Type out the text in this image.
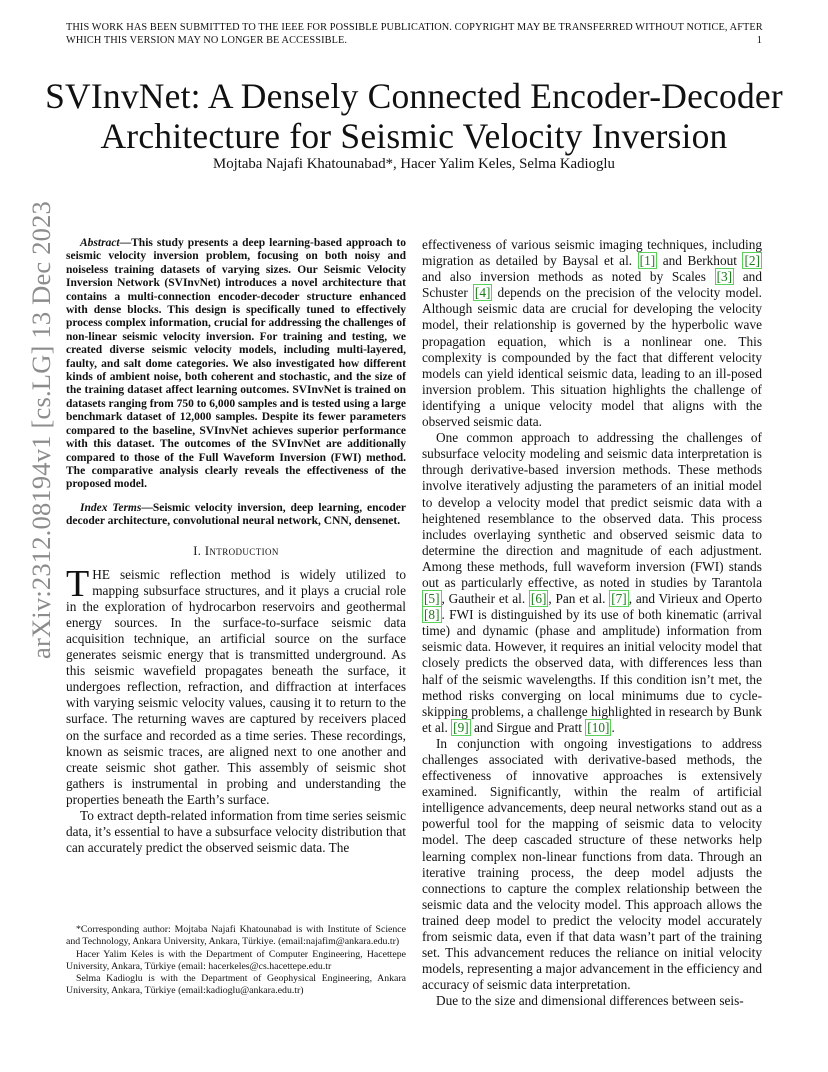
THIS WORK HAS BEEN SUBMITTED TO THE IEEE FOR POSSIBLE PUBLICATION. COPYRIGHT MAY BE TRANSFERRED WITHOUT NOTICE, AFTER WHICH THIS VERSION MAY NO LONGER BE ACCESSIBLE.	1
arXiv:2312.08194v1 [cs.LG] 13 Dec 2023
SVInvNet: A Densely Connected Encoder-Decoder Architecture for Seismic Velocity Inversion
Mojtaba Najafi Khatounabad*, Hacer Yalim Keles, Selma Kadioglu

Abstract—This study presents a deep learning-based approach to seismic velocity inversion problem, focusing on both noisy and noiseless training datasets of varying sizes. Our Seismic Velocity Inversion Network (SVInvNet) introduces a novel architecture that contains a multi-connection encoder-decoder structure enhanced with dense blocks. This design is specifically tuned to effectively process complex information, crucial for addressing the challenges of non-linear seismic velocity inversion. For training and testing, we created diverse seismic velocity models, including multi-layered, faulty, and salt dome categories. We also investigated how different kinds of ambient noise, both coherent and stochastic, and the size of the training dataset affect learning outcomes. SVInvNet is trained on datasets ranging from 750 to 6,000 samples and is tested using a large benchmark dataset of 12,000 samples. Despite its fewer parameters compared to the baseline, SVInvNet achieves superior performance with this dataset. The outcomes of the SVInvNet are additionally compared to those of the Full Waveform Inversion (FWI) method. The comparative analysis clearly reveals the effectiveness of the proposed model.

Index Terms—Seismic velocity inversion, deep learning, encoder decoder architecture, convolutional neural network, CNN, densenet.

I. Introduction

THE seismic reflection method is widely utilized to mapping subsurface structures, and it plays a crucial role in the exploration of hydrocarbon reservoirs and geothermal energy sources. In the surface-to-surface seismic data acquisition technique, an artificial source on the surface generates seismic energy that is transmitted underground. As this seismic wavefield propagates beneath the surface, it undergoes reflection, refraction, and diffraction at interfaces with varying seismic velocity values, causing it to return to the surface. The returning waves are captured by receivers placed on the surface and recorded as a time series. These recordings, known as seismic traces, are aligned next to one another and create seismic shot gather. This assembly of seismic shot gathers is instrumental in probing and understanding the properties beneath the Earth’s surface.

To extract depth-related information from time series seismic data, it’s essential to have a subsurface velocity distribution that can accurately predict the observed seismic data. The

*Corresponding author: Mojtaba Najafi Khatounabad is with Institute of Science and Technology, Ankara University, Ankara, Türkiye. (email:najafim@ankara.edu.tr)

Hacer Yalim Keles is with the Department of Computer Engineering, Hacettepe University, Ankara, Türkiye (email: hacerkeles@cs.hacettepe.edu.tr

Selma Kadioglu is with the Department of Geophysical Engineering, Ankara University, Ankara, Türkiye (email:kadioglu@ankara.edu.tr)

effectiveness of various seismic imaging techniques, including migration as detailed by Baysal et al. [1] and Berkhout [2] and also inversion methods as noted by Scales [3] and Schuster [4] depends on the precision of the velocity model. Although seismic data are crucial for developing the velocity model, their relationship is governed by the hyperbolic wave propagation equation, which is a nonlinear one. This complexity is compounded by the fact that different velocity models can yield identical seismic data, leading to an ill-posed inversion problem. This situation highlights the challenge of identifying a unique velocity model that aligns with the observed seismic data.

One common approach to addressing the challenges of subsurface velocity modeling and seismic data interpretation is through derivative-based inversion methods. These methods involve iteratively adjusting the parameters of an initial model to develop a velocity model that predict seismic data with a heightened resemblance to the observed data. This process includes overlaying synthetic and observed seismic data to determine the direction and magnitude of each adjustment. Among these methods, full waveform inversion (FWI) stands out as particularly effective, as noted in studies by Tarantola [5] , Gautheir et al. [6] , Pan et al. [7] , and Virieux and Operto [8] . FWI is distinguished by its use of both kinematic (arrival time) and dynamic (phase and amplitude) information from seismic data. However, it requires an initial velocity model that closely predicts the observed data, with differences less than half of the seismic wavelengths. If this condition isn’t met, the method risks converging on local minimums due to cycle-skipping problems, a challenge highlighted in research by Bunk et al. [9] and Sirgue and Pratt [10] .

In conjunction with ongoing investigations to address challenges associated with derivative-based methods, the effectiveness of innovative approaches is extensively examined. Significantly, within the realm of artificial intelligence advancements, deep neural networks stand out as a powerful tool for the mapping of seismic data to velocity model. The deep cascaded structure of these networks help learning complex non-linear functions from data. Through an iterative training process, the deep model adjusts the connections to capture the complex relationship between the seismic data and the velocity model. This approach allows the trained deep model to predict the velocity model accurately from seismic data, even if that data wasn’t part of the training set. This advancement reduces the reliance on initial velocity models, representing a major advancement in the efficiency and accuracy of seismic data interpretation.

Due to the size and dimensional differences between seis-
